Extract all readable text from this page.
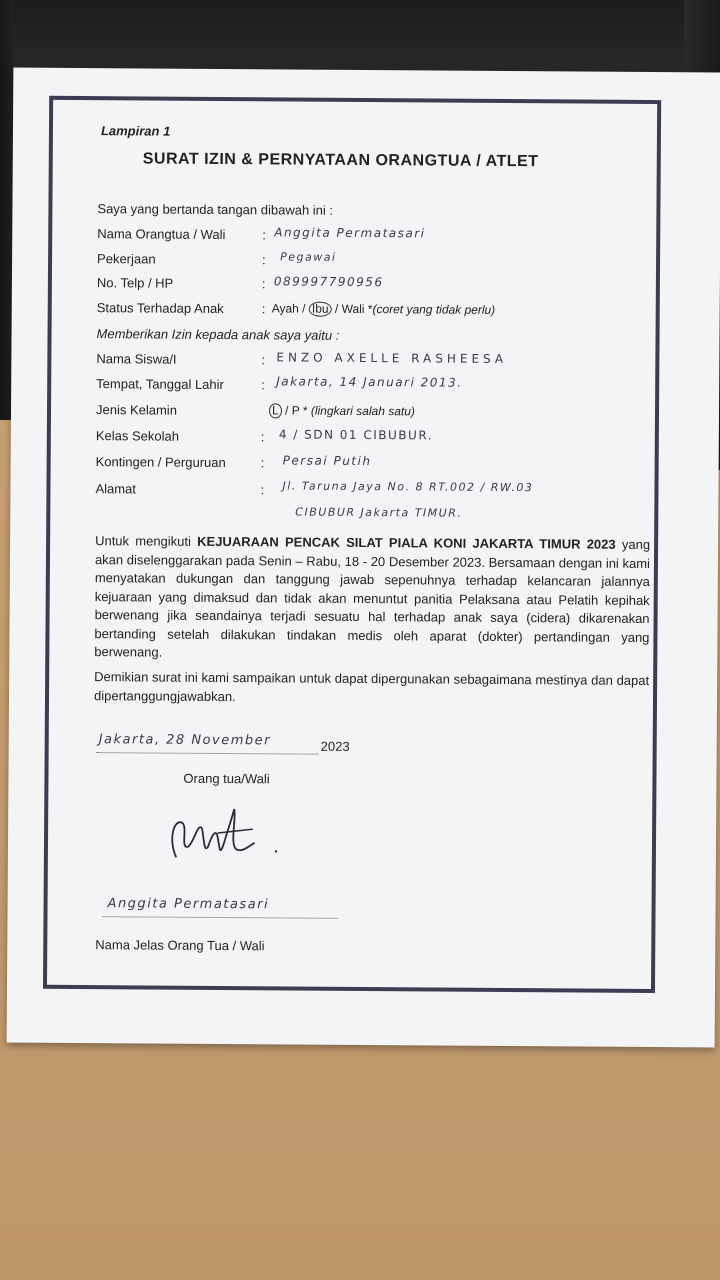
Lampiran 1
SURAT IZIN & PERNYATAAN ORANGTUA / ATLET
Saya yang bertanda tangan dibawah ini :
Nama Orangtua / Wali	: Anggita Permatasari
Pekerjaan	: Pegawai
No. Telp / HP	: 089997790956
Status Terhadap Anak	: Ayah / Ibu / Wali *(coret yang tidak perlu)
Memberikan Izin kepada anak saya yaitu :
Nama Siswa/I	: ENZO AXELLE RASHEESA
Tempat, Tanggal Lahir	: Jakarta, 14 Januari 2013.
Jenis Kelamin	L / P * (lingkari salah satu)
Kelas Sekolah	: 4 / SDN 01 CIBUBUR.
Kontingen / Perguruan	: Persai Putih
Alamat	: Jl. Taruna Jaya No. 8 RT.002 / RW.03
CIBUBUR Jakarta TIMUR.
Untuk mengikuti KEJUARAAN PENCAK SILAT PIALA KONI JAKARTA TIMUR 2023 yang akan diselenggarakan pada Senin – Rabu, 18 - 20 Desember 2023. Bersamaan dengan ini kami menyatakan dukungan dan tanggung jawab sepenuhnya terhadap kelancaran jalannya kejuaraan yang dimaksud dan tidak akan menuntut panitia Pelaksana atau Pelatih kepihak berwenang jika seandainya terjadi sesuatu hal terhadap anak saya (cidera) dikarenakan bertanding setelah dilakukan tindakan medis oleh aparat (dokter) pertandingan yang berwenang.
Demikian surat ini kami sampaikan untuk dapat dipergunakan sebagaimana mestinya dan dapat dipertanggungjawabkan.
Jakarta, 28 November	2023
Orang tua/Wali
Anggita Permatasari
Nama Jelas Orang Tua / Wali
